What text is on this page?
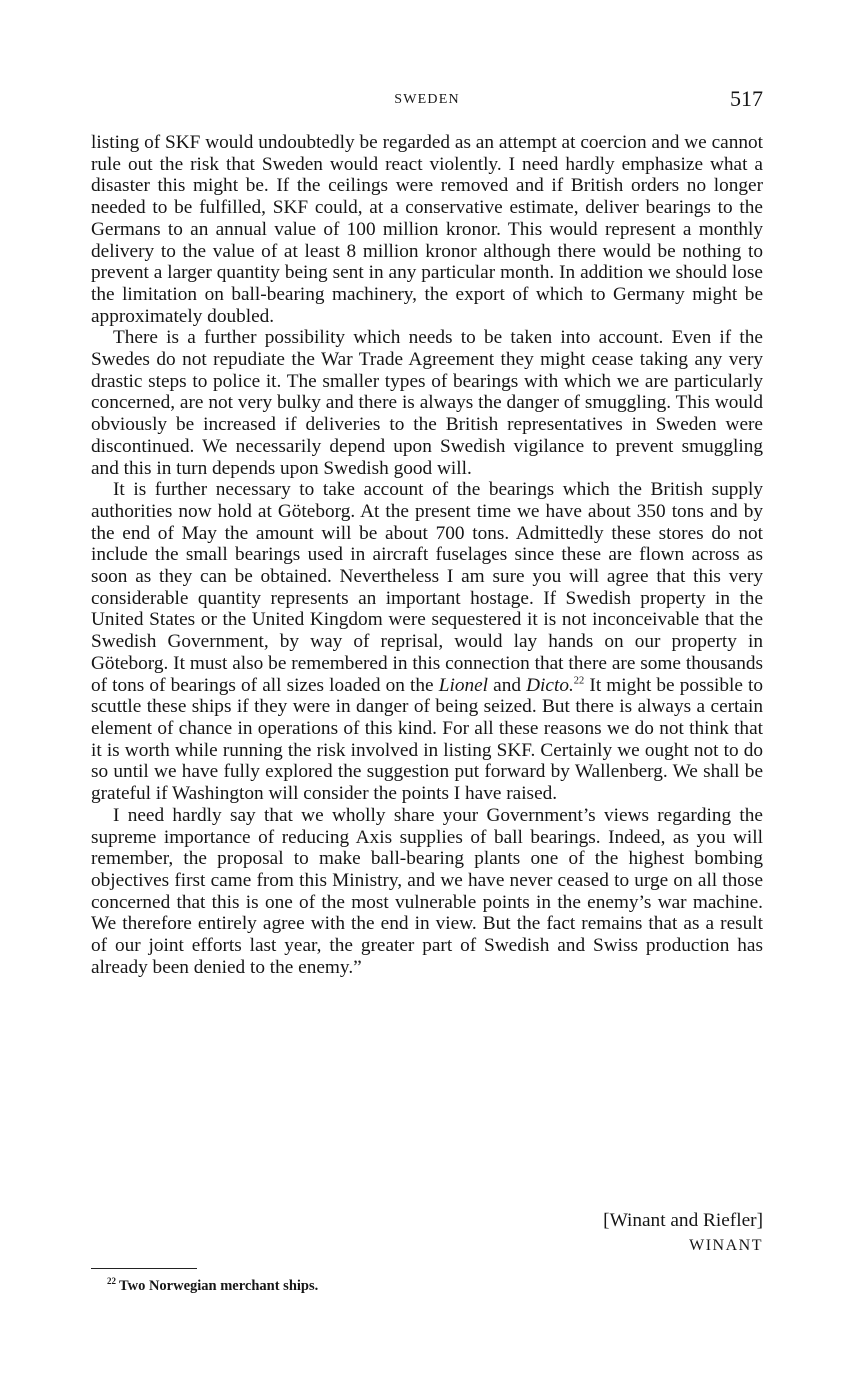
SWEDEN	517

listing of SKF would undoubtedly be regarded as an attempt at coercion and we cannot rule out the risk that Sweden would react violently. I need hardly emphasize what a disaster this might be. If the ceilings were removed and if British orders no longer needed to be fulfilled, SKF could, at a conservative estimate, deliver bearings to the Germans to an annual value of 100 million kronor. This would represent a monthly delivery to the value of at least 8 million kronor although there would be nothing to prevent a larger quantity being sent in any particular month. In addition we should lose the limitation on ball-bearing machinery, the export of which to Germany might be approximately doubled.

There is a further possibility which needs to be taken into account. Even if the Swedes do not repudiate the War Trade Agreement they might cease taking any very drastic steps to police it. The smaller types of bearings with which we are particularly concerned, are not very bulky and there is always the danger of smuggling. This would obviously be increased if deliveries to the British representatives in Sweden were discontinued. We necessarily depend upon Swedish vigilance to prevent smuggling and this in turn depends upon Swedish good will.

It is further necessary to take account of the bearings which the British supply authorities now hold at Göteborg. At the present time we have about 350 tons and by the end of May the amount will be about 700 tons. Admittedly these stores do not include the small bearings used in aircraft fuselages since these are flown across as soon as they can be obtained. Nevertheless I am sure you will agree that this very considerable quantity represents an important hostage. If Swedish property in the United States or the United Kingdom were sequestered it is not inconceivable that the Swedish Government, by way of reprisal, would lay hands on our property in Göteborg. It must also be remembered in this connection that there are some thousands of tons of bearings of all sizes loaded on the Lionel and Dicto.$^{22}$ It might be possible to scuttle these ships if they were in danger of being seized. But there is always a certain element of chance in operations of this kind. For all these reasons we do not think that it is worth while running the risk involved in listing SKF. Certainly we ought not to do so until we have fully explored the suggestion put forward by Wallenberg. We shall be grateful if Washington will consider the points I have raised.

I need hardly say that we wholly share your Government’s views regarding the supreme importance of reducing Axis supplies of ball bearings. Indeed, as you will remember, the proposal to make ball-bearing plants one of the highest bombing objectives first came from this Ministry, and we have never ceased to urge on all those concerned that this is one of the most vulnerable points in the enemy’s war machine. We therefore entirely agree with the end in view. But the fact remains that as a result of our joint efforts last year, the greater part of Swedish and Swiss production has already been denied to the enemy.”

[Winant and Riefler]
WINANT
$^{22}$ Two Norwegian merchant ships.
